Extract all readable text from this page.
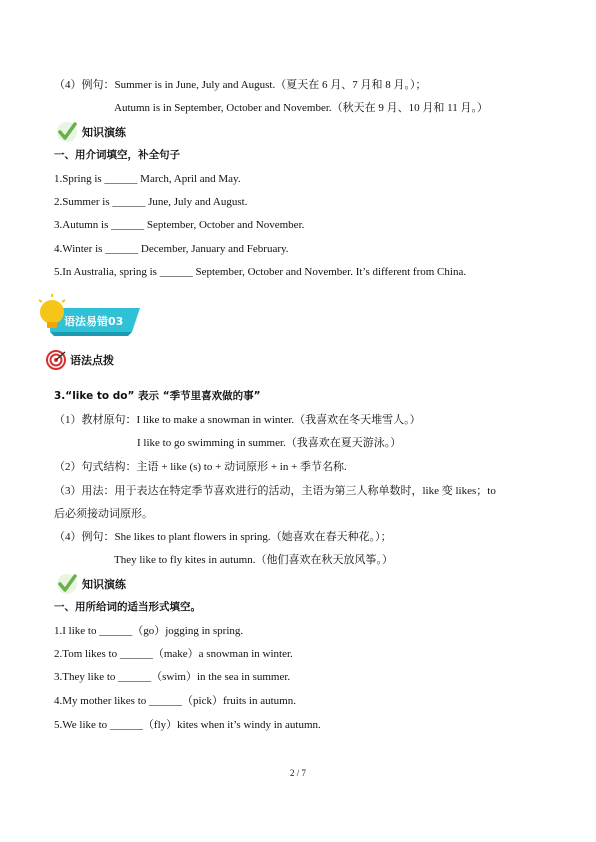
（4）例句：Summer is in June, July and August.（夏天在 6 月、7 月和 8 月。）；
Autumn is in September, October and November.（秋天在 9 月、10 月和 11 月。）
知识演练
一、用介词填空，补全句子
1.Spring is ______ March, April and May.
2.Summer is ______ June, July and August.
3.Autumn is ______ September, October and November.
4.Winter is ______ December, January and February.
5.In Australia, spring is ______ September, October and November. It’s different from China.
语法易错03
语法点拨
3.“like to do” 表示 “季节里喜欢做的事”
（1）教材原句：I like to make a snowman in winter.（我喜欢在冬天堆雪人。）
I like to go swimming in summer.（我喜欢在夏天游泳。）
（2）句式结构：主语 + like (s) to + 动词原形 + in + 季节名称.
（3）用法：用于表达在特定季节喜欢进行的活动，主语为第三人称单数时，like 变 likes；to
后必须接动词原形。
（4）例句：She likes to plant flowers in spring.（她喜欢在春天种花。）；
They like to fly kites in autumn.（他们喜欢在秋天放风筝。）
知识演练
一、用所给词的适当形式填空。
1.I like to ______（go）jogging in spring.
2.Tom likes to ______（make）a snowman in winter.
3.They like to ______（swim）in the sea in summer.
4.My mother likes to ______（pick）fruits in autumn.
5.We like to ______（fly）kites when it’s windy in autumn.
2 / 7
